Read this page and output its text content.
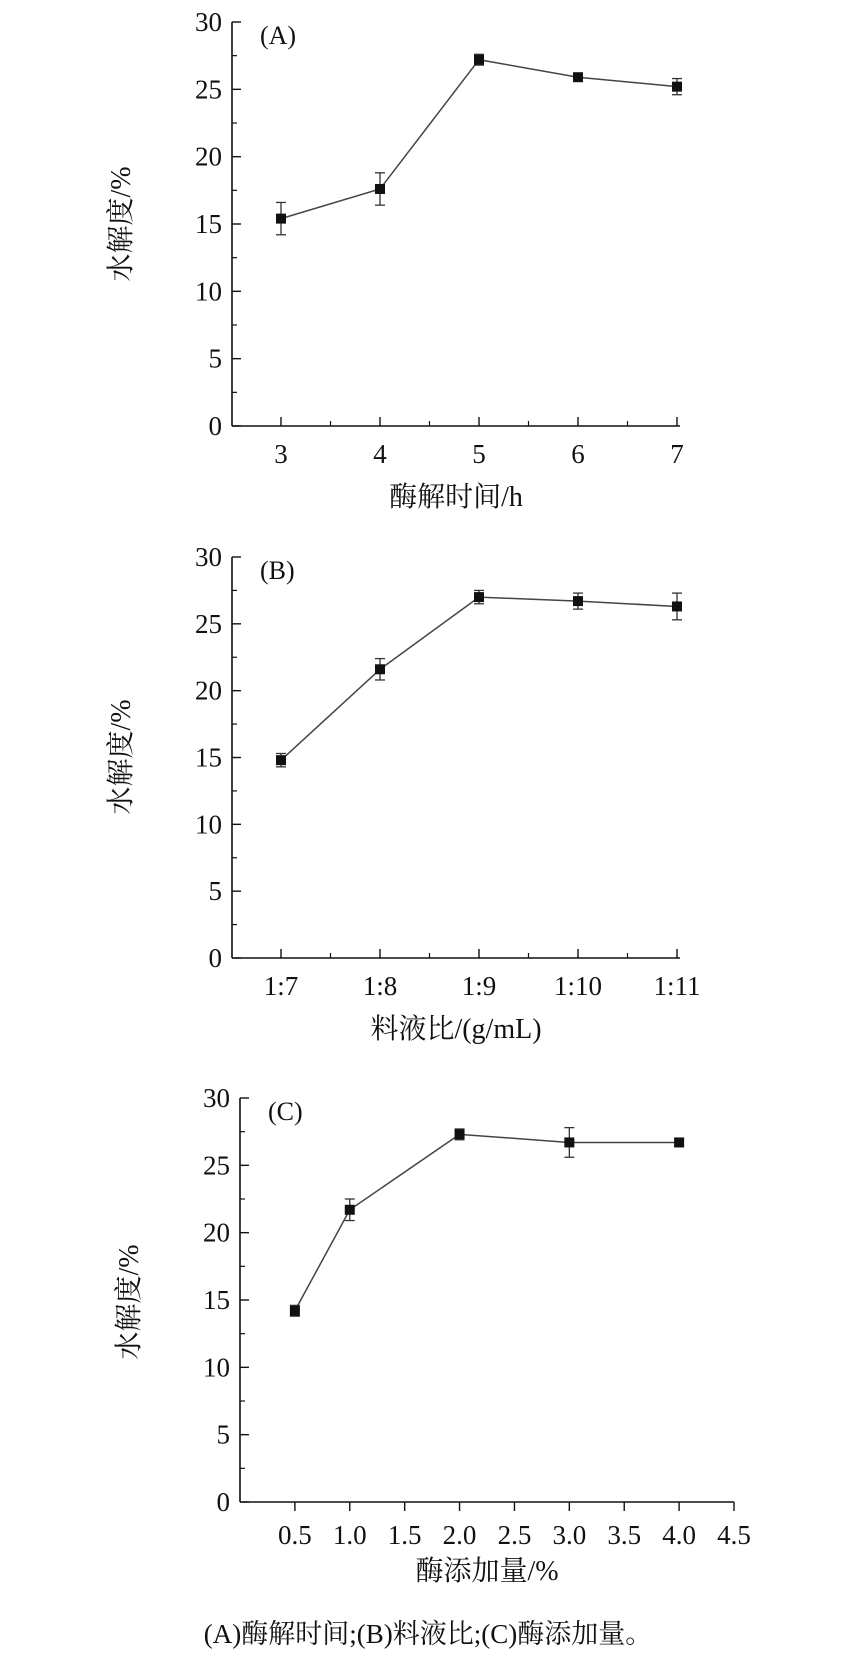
0
5
10
15
20
25
30
3	4	5	6	7
酶解时间/h
水解度/%
(A)
0
5
10
15
20
25
30
1:7 1:8 1:9 1:10 1:11
料液比/(g/mL)
水解度/%
(B)
0
5
10
15
20
25
30
0.5 1.0 1.5 2.0 2.5 3.0 3.5 4.0 4.5
酶添加量/%
水解度/%
(C)
(A)酶解时间;(B)料液比;(C)酶添加量。
